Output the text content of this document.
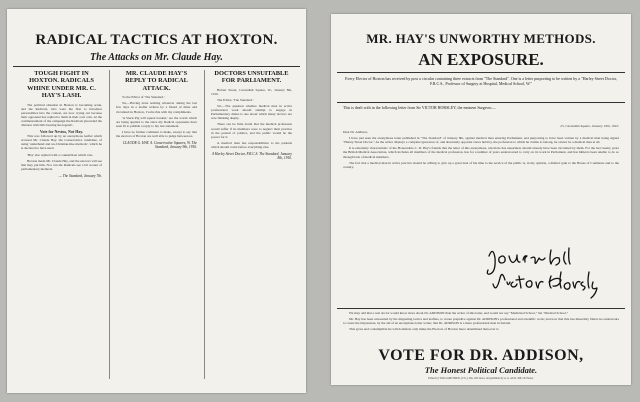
RADICAL TACTICS AT HOXTON.
The Attacks on Mr. Claude Hay.
TOUGH FIGHT IN HOXTON. RADICALS WHINE UNDER MR. C. HAY'S LASH.

The political situation in Hoxton is becoming acute, and the Radicals, who were the first to introduce personalities into the contest, are now crying out because their opponent has replied to them in their own coin. At the commencement of the campaign the Radicals placarded the division with bills bearing the legend:-

Vote for Nevins, Not Hay.

This was followed up by an anonymous leaflet which accused Mr. Claude Hay, the Conservative candidate, of using 'underhand and un-Christian-like methods', which he is declared to have used.

'Hay' also replied with a counterblast which ran:-

Hoxton made Mr. Claude Hay, and the electors will see that they put him. Nor can the Radicals see a bit sooner of parliamentary methods.

— The Standard, January 7th.
MR. CLAUDE HAY'S REPLY TO RADICAL ATTACK.

To the Editor of 'The Standard.'

Sir,—Having done nothing whatever during the last few days in a leaflet written by a friend of mine and circulated in Hoxton, I write this with my compliments.

'A Stuck Pig will squeal loudest,' are the words which are being applied to me since my Radical opponents have seen fit to publish a reply to my last statement.

I have no further comment to make, except to say that the electors of Hoxton are well able to judge between us.

CLAUDE G. HAY. A. Conservative Squares, W. The Standard, January 9th, 1910.
DOCTORS UNSUITABLE FOR PARLIAMENT.

Hobart Street, Cavendish Square, W., January 8th, 1910.

The Editor, 'The Standard.'

Sir,—The question whether medical men in active professional work should attempt to engage in Parliamentary duties is one about which many doctors are now thinking deeply.

There can be little doubt that the medical profession would suffer if its members were to neglect their practice in the pursuit of politics, and the public would be the poorer for it.

A medical man has responsibilities to his patients which should come before everything else.

A Harley Street Doctor, F.R.C.S. The Standard, January 8th, 1910.
MR. HAY'S UNWORTHY METHODS.
AN EXPOSURE.
Every Elector of Hoxton has received by post a circular containing three extracts from "The Standard". One is a letter purporting to be written by a "Harley Street Doctor, F.R.C.S., Professor of Surgery at Hospital, Medical School, W."
This is dealt with in the following letter from Sir VICTOR HORSLEY, the eminent Surgeon:—
25, Cavendish Square, January 10th, 1910.
Dear Dr. Addison,

I have just seen the anonymous letter published in "The Standard" of January 8th, against medical men entering Parliament, and purporting to have been written by a medical man being signed "Harley Street Doctor." As the writer displays a complete ignorance of, and absolutely opposite views held by, the profession to which he claims to belong, he cannot be a medical man at all.

It is extremely characteristic of the Honourable C. D. Hay's friends that the letter of this anonymous, whom he has unearthed, should already have been circulated by them. For the last twenty years the British Medical Association, which includes all members of the medical profession, has for a number of years endeavoured to carry on its work in Parliament, and has hitherto been unable to do so through lack of medical members.

The fact that a medical man in active practice should be willing to give up a great deal of his time to the service of the public is, in my opinion, a distinct gain to the House of Commons and to the country.

We may add that a real doctor would know more about Dr. ADDISON than the writer of this letter, and would not say "Medicinal School," but "Medical School."

Mr. Hay has been unwearied by his disgusting tactics and leaflets, to create prejudice against Dr. ADDISON's professional and scientific work; and now that this has miserably failed, he endeavours to create the impression, by the aid of an anonymous letter writer, that Dr. ADDISON is a mere professional man in Ireland.

This gross and contemptible lie will doubtless only make the Electors of Hoxton more determined than ever to

VOTE FOR DR. ADDISON,
The Honest Political Candidate.
Printed by WILLIAMS BROS. (T.U.), 28a, Old Street, and published by A. G. ALIS, 368, Old Street.
